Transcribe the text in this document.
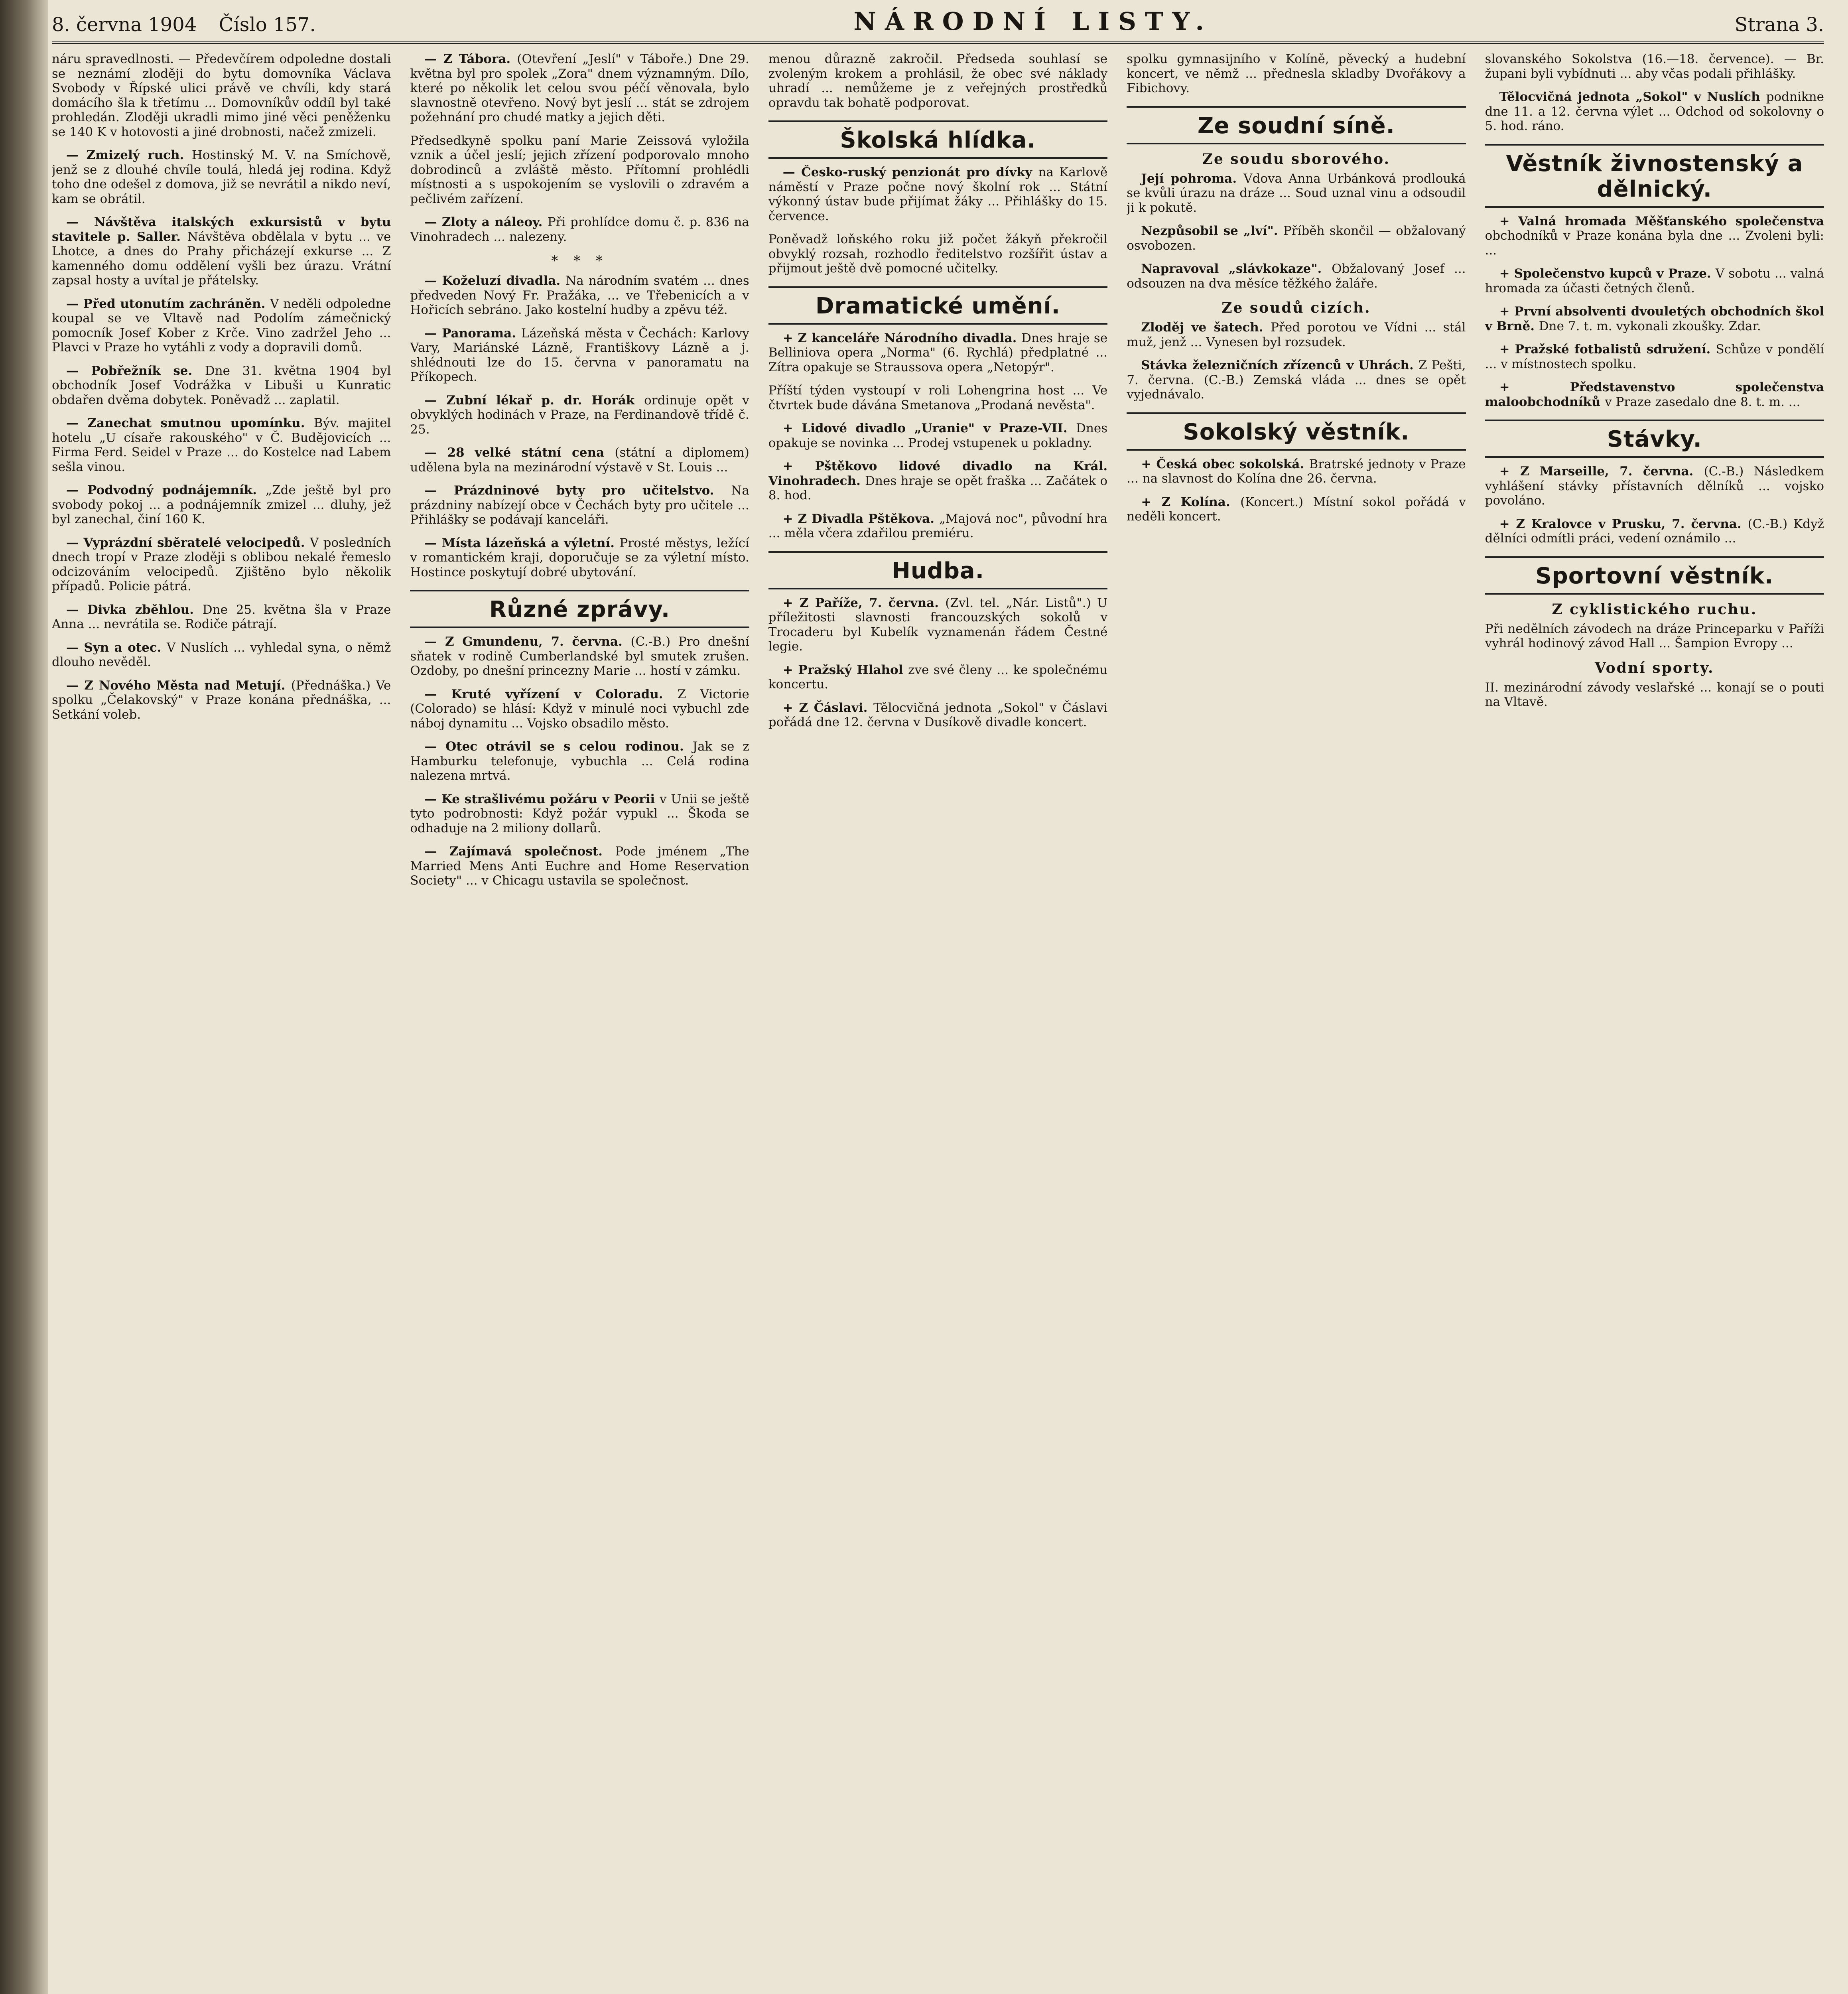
8. června 1904 Číslo 157.	NÁRODNÍ LISTY.	Strana 3.

náru spravedlnosti. — Předevčírem odpoledne dostali se neznámí zloději do bytu domovníka Václava Svobody v Řípské ulici právě ve chvíli, kdy stará domácího šla k třetímu ... Domovníkův oddíl byl také prohledán. Zloději ukradli mimo jiné věci peněženku se 140 K v hotovosti a jiné drobnosti, načež zmizeli.

— Zmizelý ruch. Hostinský M. V. na Smíchově, jenž se z dlouhé chvíle toulá, hledá jej rodina. Když toho dne odešel z domova, již se nevrátil a nikdo neví, kam se obrátil.

— Návštěva italských exkursistů v bytu stavitele p. Saller. Návštěva obdělala v bytu ... ve Lhotce, a dnes do Prahy přicházejí exkurse ... Z kamenného domu oddělení vyšli bez úrazu. Vrátní zapsal hosty a uvítal je přátelsky.

— Před utonutím zachráněn. V neděli odpoledne koupal se ve Vltavě nad Podolím zámečnický pomocník Josef Kober z Krče. Vino zadržel Jeho ... Plavci v Praze ho vytáhli z vody a dopravili domů.

— Pobřežník se. Dne 31. května 1904 byl obchodník Josef Vodrážka v Libuši u Kunratic obdařen dvěma dobytek. Poněvadž ... zaplatil.

— Zanechat smutnou upomínku. Býv. majitel hotelu „U císaře rakouského" v Č. Budějovicích ... Firma Ferd. Seidel v Praze ... do Kostelce nad Labem sešla vinou.

— Podvodný podnájemník. „Zde ještě byl pro svobody pokoj ... a podnájemník zmizel ... dluhy, jež byl zanechal, činí 160 K.

— Vyprázdní sběratelé velocipedů. V posledních dnech tropí v Praze zloději s oblibou nekalé řemeslo odcizováním velocipedů. Zjištěno bylo několik případů. Policie pátrá.

— Divka zběhlou. Dne 25. května šla v Praze Anna ... nevrátila se. Rodiče pátrají.

— Syn a otec. V Nuslích ... vyhledal syna, o němž dlouho nevěděl.

— Z Nového Města nad Metují. (Přednáška.) Ve spolku „Čelakovský" v Praze konána přednáška, ... Setkání voleb.

— Z Tábora. (Otevření „Jeslí" v Táboře.) Dne 29. května byl pro spolek „Zora" dnem významným. Dílo, které po několik let celou svou péčí věnovala, bylo slavnostně otevřeno. Nový byt jeslí ... stát se zdrojem požehnání pro chudé matky a jejich děti.

Předsedkyně spolku paní Marie Zeissová vyložila vznik a účel jeslí; jejich zřízení podporovalo mnoho dobrodinců a zvláště město. Přítomní prohlédli místnosti a s uspokojením se vyslovili o zdravém a pečlivém zařízení.

— Zloty a náleoy. Při prohlídce domu č. p. 836 na Vinohradech ... nalezeny.

* * *

— Koželuzí divadla. Na národním svatém ... dnes předveden Nový Fr. Pražáka, ... ve Třebenicích a v Hořicích sebráno. Jako kostelní hudby a zpěvu též.

— Panorama. Lázeňská města v Čechách: Karlovy Vary, Mariánské Lázně, Františkovy Lázně a j. shlédnouti lze do 15. června v panoramatu na Příkopech.

— Zubní lékař p. dr. Horák ordinuje opět v obvyklých hodinách v Praze, na Ferdinandově třídě č. 25.

— 28 velké státní cena (státní a diplomem) udělena byla na mezinárodní výstavě v St. Louis ...

— Prázdninové byty pro učitelstvo. Na prázdniny nabízejí obce v Čechách byty pro učitele ... Přihlášky se podávají kanceláři.

— Místa lázeňská a výletní. Prosté městys, ležící v romantickém kraji, doporučuje se za výletní místo. Hostince poskytují dobré ubytování.

Různé zprávy.

— Z Gmundenu, 7. června. (C.-B.) Pro dnešní sňatek v rodině Cumberlandské byl smutek zrušen. Ozdoby, po dnešní princezny Marie ... hostí v zámku.

— Kruté vyřízení v Coloradu. Z Victorie (Colorado) se hlásí: Když v minulé noci vybuchl zde náboj dynamitu ... Vojsko obsadilo město.

— Otec otrávil se s celou rodinou. Jak se z Hamburku telefonuje, vybuchla ... Celá rodina nalezena mrtvá.

— Ke strašlivému požáru v Peorii v Unii se ještě tyto podrobnosti: Když požár vypukl ... Škoda se odhaduje na 2 miliony dollarů.

— Zajímavá společnost. Pode jménem „The Married Mens Anti Euchre and Home Reservation Society" ... v Chicagu ustavila se společnost.

menou důrazně zakročil. Předseda souhlasí se zvoleným krokem a prohlásil, že obec své náklady uhradí ... nemůžeme je z veřejných prostředků opravdu tak bohatě podporovat.

Školská hlídka.

— Česko-ruský penzionát pro dívky na Karlově náměstí v Praze počne nový školní rok ... Státní výkonný ústav bude přijímat žáky ... Přihlášky do 15. července.

Poněvadž loňského roku již počet žákyň překročil obvyklý rozsah, rozhodlo ředitelstvo rozšířit ústav a přijmout ještě dvě pomocné učitelky.

Dramatické umění.

+ Z kanceláře Národního divadla. Dnes hraje se Belliniova opera „Norma" (6. Rychlá) předplatné ... Zítra opakuje se Straussova opera „Netopýr".

Příští týden vystoupí v roli Lohengrina host ... Ve čtvrtek bude dávána Smetanova „Prodaná nevěsta".

+ Lidové divadlo „Uranie" v Praze-VII. Dnes opakuje se novinka ... Prodej vstupenek u pokladny.

+ Pštěkovo lidové divadlo na Král. Vinohradech. Dnes hraje se opět fraška ... Začátek o 8. hod.

+ Z Divadla Pštěkova. „Majová noc", původní hra ... měla včera zdařilou premiéru.

Hudba.

+ Z Paříže, 7. června. (Zvl. tel. „Nár. Listů".) U příležitosti slavnosti francouzských sokolů v Trocaderu byl Kubelík vyznamenán řádem Čestné legie.

+ Pražský Hlahol zve své členy ... ke společnému koncertu.

+ Z Čáslavi. Tělocvičná jednota „Sokol" v Čáslavi pořádá dne 12. června v Dusíkově divadle koncert.

spolku gymnasijního v Kolíně, pěvecký a hudební koncert, ve němž ... přednesla skladby Dvořákovy a Fibichovy.

Ze soudní síně.
Ze soudu sborového.

Její pohroma. Vdova Anna Urbánková prodlouká se kvůli úrazu na dráze ... Soud uznal vinu a odsoudil ji k pokutě.

Nezpůsobil se „lví". Příběh skončil — obžalovaný osvobozen.

Napravoval „slávkokaze". Obžalovaný Josef ... odsouzen na dva měsíce těžkého žaláře.

Ze soudů cizích.

Zloděj ve šatech. Před porotou ve Vídni ... stál muž, jenž ... Vynesen byl rozsudek.

Stávka železničních zřízenců v Uhrách. Z Pešti, 7. června. (C.-B.) Zemská vláda ... dnes se opět vyjednávalo.

Sokolský věstník.

+ Česká obec sokolská. Bratrské jednoty v Praze ... na slavnost do Kolína dne 26. června.

+ Z Kolína. (Koncert.) Místní sokol pořádá v neděli koncert.

slovanského Sokolstva (16.—18. července). — Br. župani byli vybídnuti ... aby včas podali přihlášky.

Tělocvičná jednota „Sokol" v Nuslích podnikne dne 11. a 12. června výlet ... Odchod od sokolovny o 5. hod. ráno.

Věstník živnostenský a dělnický.

+ Valná hromada Měšťanského společenstva obchodníků v Praze konána byla dne ... Zvoleni byli: ...

+ Společenstvo kupců v Praze. V sobotu ... valná hromada za účasti četných členů.

+ První absolventi dvouletých obchodních škol v Brně. Dne 7. t. m. vykonali zkoušky. Zdar.

+ Pražské fotbalistů sdružení. Schůze v pondělí ... v místnostech spolku.

+ Představenstvo společenstva maloobchodníků v Praze zasedalo dne 8. t. m. ...

Stávky.

+ Z Marseille, 7. června. (C.-B.) Následkem vyhlášení stávky přístavních dělníků ... vojsko povoláno.

+ Z Kralovce v Prusku, 7. června. (C.-B.) Když dělníci odmítli práci, vedení oznámilo ...

Sportovní věstník.
Z cyklistického ruchu.

Při nedělních závodech na dráze Princeparku v Paříži vyhrál hodinový závod Hall ... Šampion Evropy ...

Vodní sporty.

II. mezinárodní závody veslařské ... konají se o pouti na Vltavě.
